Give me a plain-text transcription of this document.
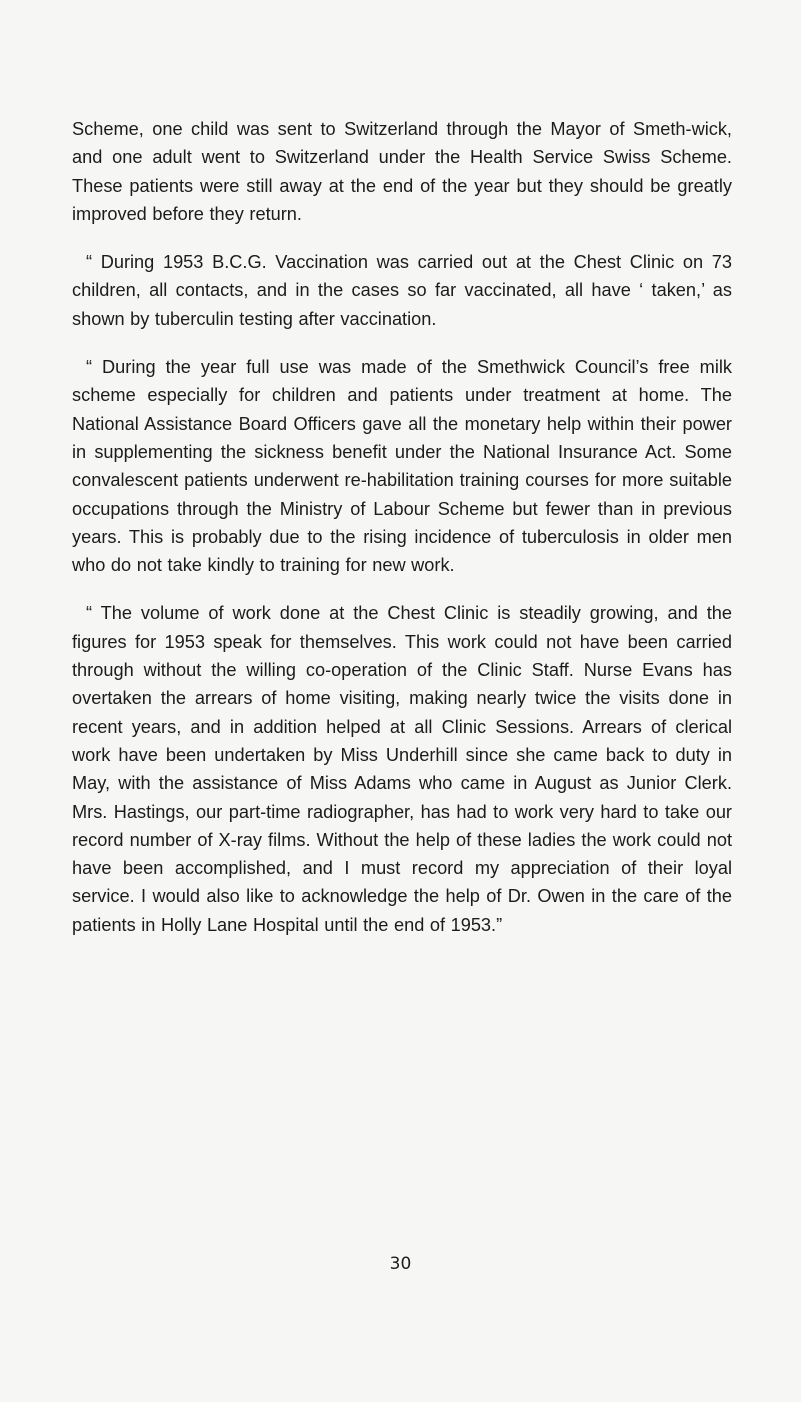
Scheme, one child was sent to Switzerland through the Mayor of Smeth-wick, and one adult went to Switzerland under the Health Service Swiss Scheme. These patients were still away at the end of the year but they should be greatly improved before they return.

“ During 1953 B.C.G. Vaccination was carried out at the Chest Clinic on 73 children, all contacts, and in the cases so far vaccinated, all have ‘ taken,’ as shown by tuberculin testing after vaccination.

“ During the year full use was made of the Smethwick Council’s free milk scheme especially for children and patients under treatment at home. The National Assistance Board Officers gave all the monetary help within their power in supplementing the sickness benefit under the National Insurance Act. Some convalescent patients underwent re-habilitation training courses for more suitable occupations through the Ministry of Labour Scheme but fewer than in previous years. This is probably due to the rising incidence of tuberculosis in older men who do not take kindly to training for new work.

“ The volume of work done at the Chest Clinic is steadily growing, and the figures for 1953 speak for themselves. This work could not have been carried through without the willing co-operation of the Clinic Staff. Nurse Evans has overtaken the arrears of home visiting, making nearly twice the visits done in recent years, and in addition helped at all Clinic Sessions. Arrears of clerical work have been undertaken by Miss Underhill since she came back to duty in May, with the assistance of Miss Adams who came in August as Junior Clerk. Mrs. Hastings, our part-time radiographer, has had to work very hard to take our record number of X-ray films. Without the help of these ladies the work could not have been accomplished, and I must record my appreciation of their loyal service. I would also like to acknowledge the help of Dr. Owen in the care of the patients in Holly Lane Hospital until the end of 1953.”

30
